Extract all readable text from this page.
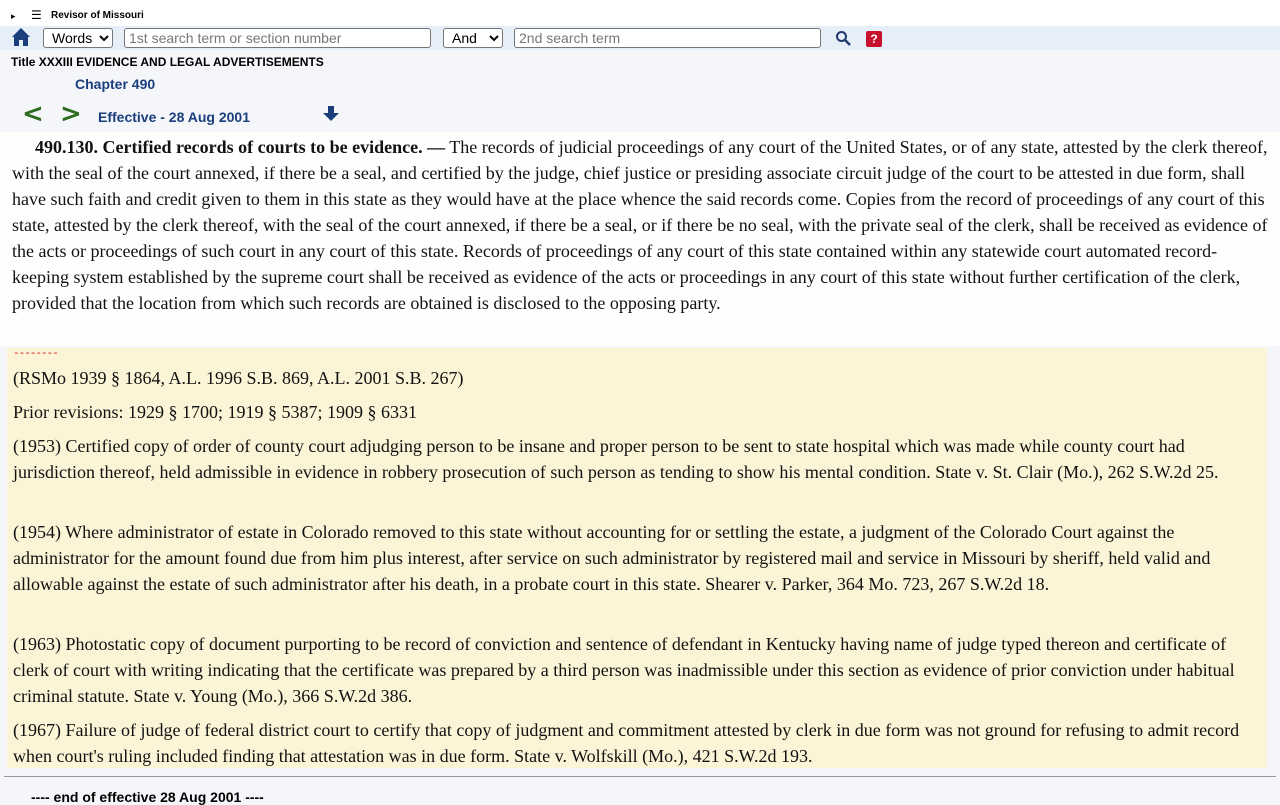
▸ ☰ Revisor of Missouri
Words
1st search term or section number
And
2nd search term
?
Title XXXIII EVIDENCE AND LEGAL ADVERTISEMENTS
Chapter 490
< > Effective - 28 Aug 2001

490.130. Certified records of courts to be evidence. — The records of judicial proceedings of any court of the United States, or of any state, attested by the clerk thereof, with the seal of the court annexed, if there be a seal, and certified by the judge, chief justice or presiding associate circuit judge of the court to be attested in due form, shall have such faith and credit given to them in this state as they would have at the place whence the said records come. Copies from the record of proceedings of any court of this state, attested by the clerk thereof, with the seal of the court annexed, if there be a seal, or if there be no seal, with the private seal of the clerk, shall be received as evidence of the acts or proceedings of such court in any court of this state. Records of proceedings of any court of this state contained within any statewide court automated record-keeping system established by the supreme court shall be received as evidence of the acts or proceedings in any court of this state without further certification of the clerk, provided that the location from which such records are obtained is disclosed to the opposing party.

--------

(RSMo 1939 § 1864, A.L. 1996 S.B. 869, A.L. 2001 S.B. 267)

Prior revisions: 1929 § 1700; 1919 § 5387; 1909 § 6331

(1953) Certified copy of order of county court adjudging person to be insane and proper person to be sent to state hospital which was made while county court had jurisdiction thereof, held admissible in evidence in robbery prosecution of such person as tending to show his mental condition. State v. St. Clair (Mo.), 262 S.W.2d 25.

(1954) Where administrator of estate in Colorado removed to this state without accounting for or settling the estate, a judgment of the Colorado Court against the administrator for the amount found due from him plus interest, after service on such administrator by registered mail and service in Missouri by sheriff, held valid and allowable against the estate of such administrator after his death, in a probate court in this state. Shearer v. Parker, 364 Mo. 723, 267 S.W.2d 18.

(1963) Photostatic copy of document purporting to be record of conviction and sentence of defendant in Kentucky having name of judge typed thereon and certificate of clerk of court with writing indicating that the certificate was prepared by a third person was inadmissible under this section as evidence of prior conviction under habitual criminal statute. State v. Young (Mo.), 366 S.W.2d 386.

(1967) Failure of judge of federal district court to certify that copy of judgment and commitment attested by clerk in due form was not ground for refusing to admit record when court's ruling included finding that attestation was in due form. State v. Wolfskill (Mo.), 421 S.W.2d 193.

---- end of effective 28 Aug 2001 ----
